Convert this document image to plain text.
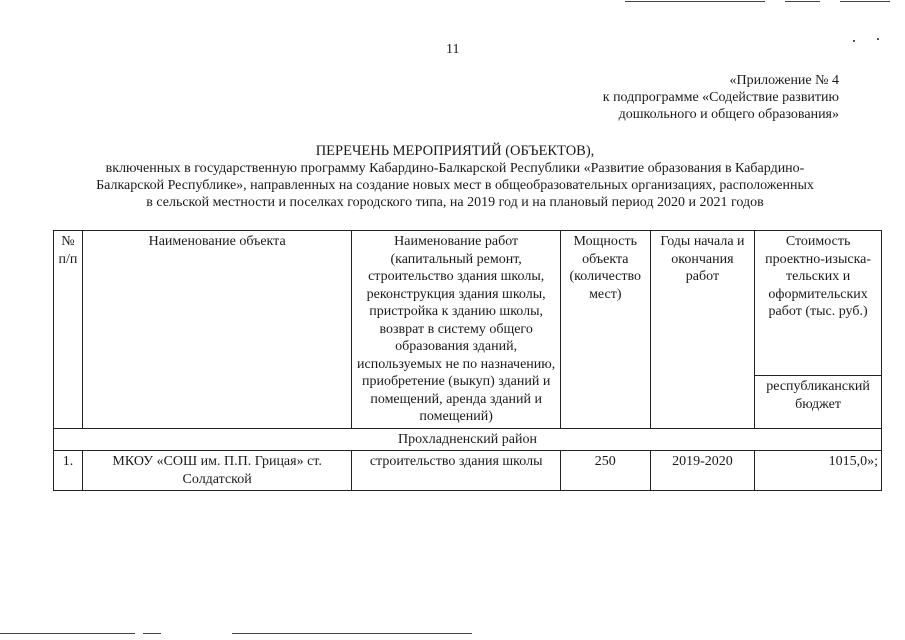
11
«Приложение № 4
к подпрограмме «Содействие развитию
дошкольного и общего образования»
ПЕРЕЧЕНЬ МЕРОПРИЯТИЙ (ОБЪЕКТОВ),
включенных в государственную программу Кабардино-Балкарской Республики «Развитие образования в Кабардино-
Балкарской Республике», направленных на создание новых мест в общеобразовательных организациях, расположенных
в сельской местности и поселках городского типа, на 2019 год и на плановый период 2020 и 2021 годов
№ п/п	Наименование объекта	Наименование работ (капитальный ремонт, строительство здания школы, реконструкция здания школы, пристройка к зданию школы, возврат в систему общего образования зданий, используемых не по назначению, приобретение (выкуп) зданий и помещений, аренда зданий и помещений)	Мощность объекта (количество мест)	Годы начала и окончания работ	Стоимость проектно-изыска-тельских и оформительских работ (тыс. руб.)
					республиканский бюджет
Прохладненский район					
1.	МКОУ «СОШ им. П.П. Грицая» ст. Солдатской	строительство здания школы	250	2019-2020	1015,0»;
